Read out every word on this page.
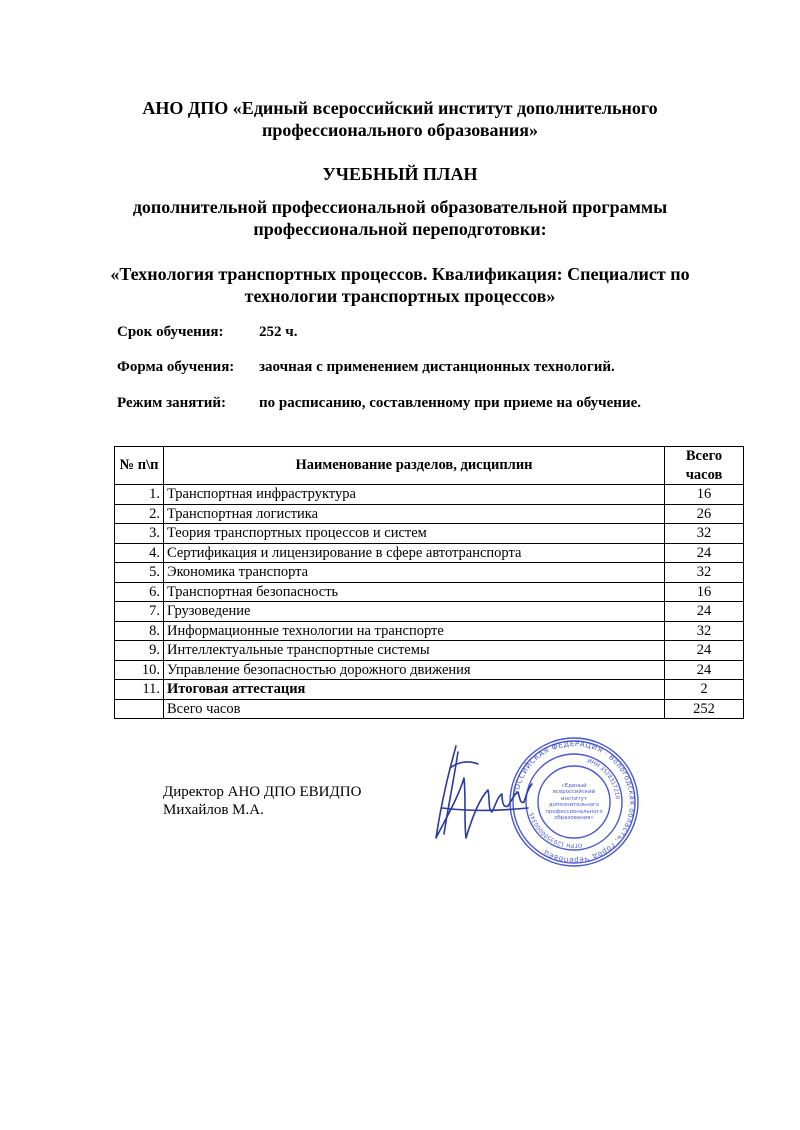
АНО ДПО «Единый всероссийский институт дополнительного
профессионального образования»
УЧЕБНЫЙ ПЛАН
дополнительной профессиональной образовательной программы
профессиональной переподготовки:
«Технология транспортных процессов. Квалификация: Специалист по
технологии транспортных процессов»
Срок обучения: 252 ч.
Форма обучения: заочная с применением дистанционных технологий.
Режим занятий: по расписанию, составленному при приеме на обучение.
№ п\п	Наименование разделов, дисциплин	Всего
часов

1.	Транспортная инфраструктура	16
2.	Транспортная логистика	26
3.	Теория транспортных процессов и систем	32
4.	Сертификация и лицензирование в сфере автотранспорта	24
5.	Экономика транспорта	32
6.	Транспортная безопасность	16
7.	Грузоведение	24
8.	Информационные технологии на транспорте	32
9.	Интеллектуальные транспортные системы	24
10.	Управление безопасностью дорожного движения	24
11.	Итоговая аттестация	2
	Всего часов	252
Директор АНО ДПО ЕВИДПО
Михайлов М.А.
РОССИЙСКАЯ ФЕДЕРАЦИЯ · Вологодская область, город Череповец
ИНН 3528317210
ОГРН 1203500000345
«Единый всероссийский институт дополнительного профессионального образования»
